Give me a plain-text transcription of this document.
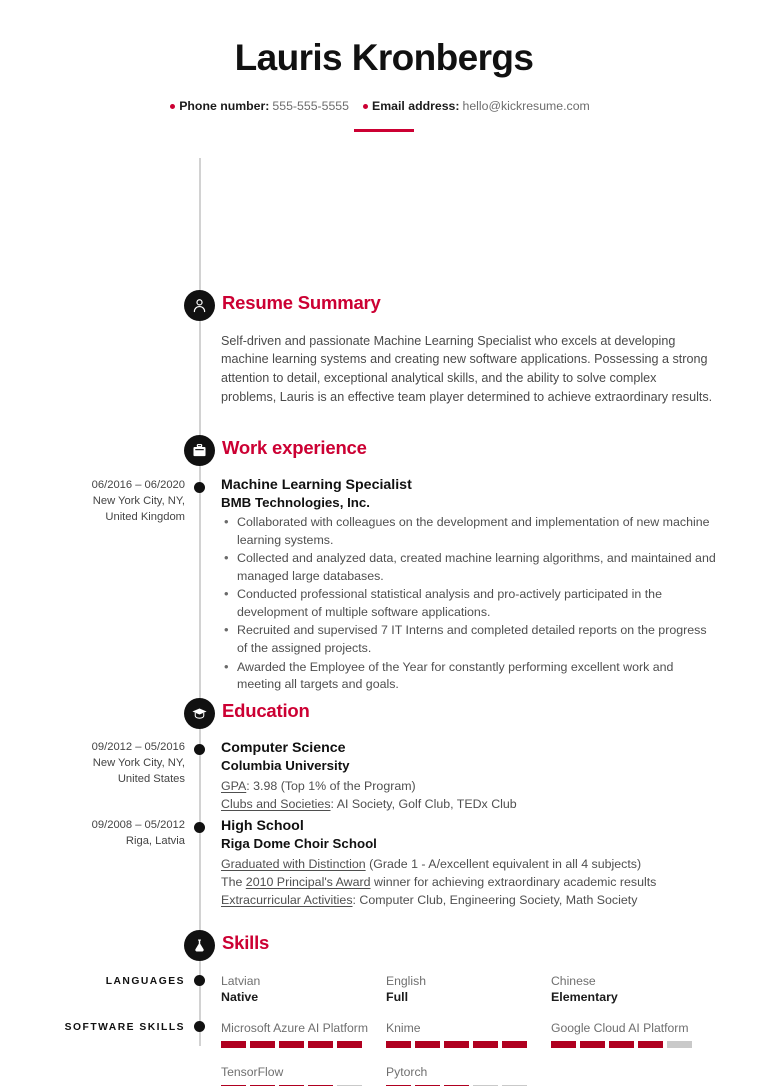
Lauris Kronbergs
Phone number: 555-555-5555	Email address: hello@kickresume.com
Resume Summary
Self-driven and passionate Machine Learning Specialist who excels at developing machine learning systems and creating new software applications. Possessing a strong attention to detail, exceptional analytical skills, and the ability to solve complex problems, Lauris is an effective team player determined to achieve extraordinary results.
Work experience
06/2016 – 06/2020
New York City, NY,
United Kingdom
Machine Learning Specialist
BMB Technologies, Inc.
• Collaborated with colleagues on the development and implementation of new machine learning systems.
• Collected and analyzed data, created machine learning algorithms, and maintained and managed large databases.
• Conducted professional statistical analysis and pro-actively participated in the development of multiple software applications.
• Recruited and supervised 7 IT Interns and completed detailed reports on the progress of the assigned projects.
• Awarded the Employee of the Year for constantly performing excellent work and meeting all targets and goals.
Education
09/2012 – 05/2016
New York City, NY,
United States
Computer Science
Columbia University
GPA: 3.98 (Top 1% of the Program)
Clubs and Societies: AI Society, Golf Club, TEDx Club
09/2008 – 05/2012
Riga, Latvia
High School
Riga Dome Choir School
Graduated with Distinction (Grade 1 - A/excellent equivalent in all 4 subjects)
The 2010 Principal's Award winner for achieving extraordinary academic results
Extracurricular Activities: Computer Club, Engineering Society, Math Society
Skills
LANGUAGES	Latvian
Native
English
Full
Chinese
Elementary
SOFTWARE SKILLS	Microsoft Azure AI Platform	Knime	Google Cloud AI Platform
TensorFlow	Pytorch
